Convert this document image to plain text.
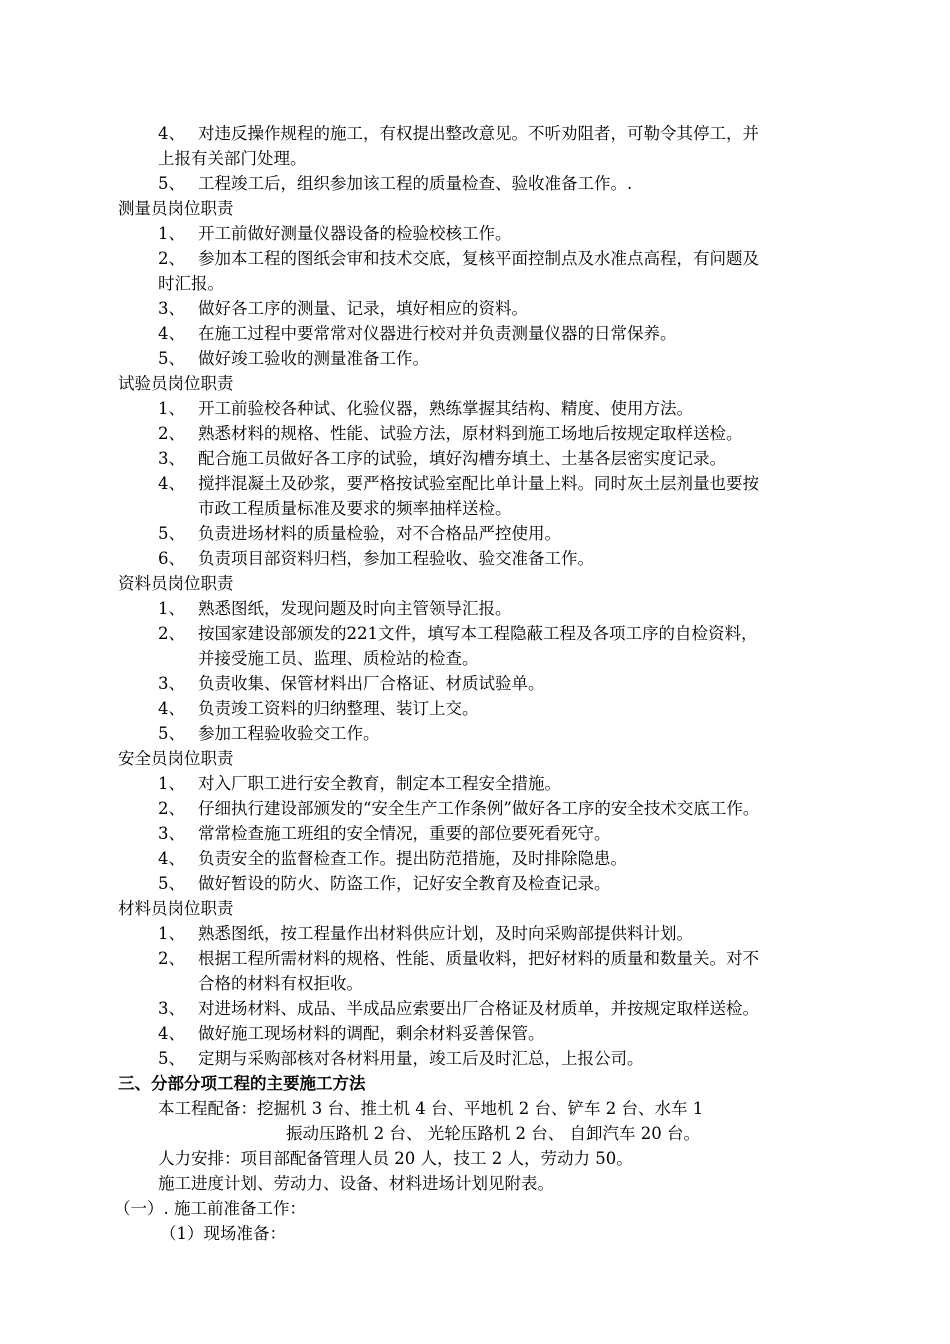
4、 对违反操作规程的施工，有权提出整改意见。不听劝阻者，可勒令其停工，并
上报有关部门处理。
5、 工程竣工后，组织参加该工程的质量检查、验收准备工作。.
测量员岗位职责
1、 开工前做好测量仪器设备的检验校核工作。
2、 参加本工程的图纸会审和技术交底，复核平面控制点及水准点高程，有问题及
时汇报。
3、 做好各工序的测量、记录，填好相应的资料。
4、 在施工过程中要常常对仪器进行校对并负责测量仪器的日常保养。
5、 做好竣工验收的测量准备工作。
试验员岗位职责
1、 开工前验校各种试、化验仪器，熟练掌握其结构、精度、使用方法。
2、 熟悉材料的规格、性能、试验方法，原材料到施工场地后按规定取样送检。
3、 配合施工员做好各工序的试验，填好沟槽夯填土、土基各层密实度记录。
4、 搅拌混凝土及砂浆，要严格按试验室配比单计量上料。同时灰土层剂量也要按
市政工程质量标准及要求的频率抽样送检。
5、 负责进场材料的质量检验，对不合格品严控使用。
6、 负责项目部资料归档，参加工程验收、验交准备工作。
资料员岗位职责
1、 熟悉图纸，发现问题及时向主管领导汇报。
2、 按国家建设部颁发的221文件，填写本工程隐蔽工程及各项工序的自检资料，
并接受施工员、监理、质检站的检查。
3、 负责收集、保管材料出厂合格证、材质试验单。
4、 负责竣工资料的归纳整理、装订上交。
5、 参加工程验收验交工作。
安全员岗位职责
1、 对入厂职工进行安全教育，制定本工程安全措施。
2、 仔细执行建设部颁发的“安全生产工作条例”做好各工序的安全技术交底工作。
3、 常常检查施工班组的安全情况，重要的部位要死看死守。
4、 负责安全的监督检查工作。提出防范措施，及时排除隐患。
5、 做好暂设的防火、防盗工作，记好安全教育及检查记录。
材料员岗位职责
1、 熟悉图纸，按工程量作出材料供应计划，及时向采购部提供料计划。
2、 根据工程所需材料的规格、性能、质量收料，把好材料的质量和数量关。对不
合格的材料有权拒收。
3、 对进场材料、成品、半成品应索要出厂合格证及材质单，并按规定取样送检。
4、 做好施工现场材料的调配，剩余材料妥善保管。
5、 定期与采购部核对各材料用量，竣工后及时汇总，上报公司。
三、分部分项工程的主要施工方法
本工程配备：挖掘机 3 台、推土机 4 台、平地机 2 台、铲车 2 台、水车 1
振动压路机 2 台、 光轮压路机 2 台、 自卸汽车 20 台。
人力安排：项目部配备管理人员 20 人，技工 2 人，劳动力 50。
施工进度计划、劳动力、设备、材料进场计划见附表。
（一）. 施工前准备工作：
（1）现场准备：
